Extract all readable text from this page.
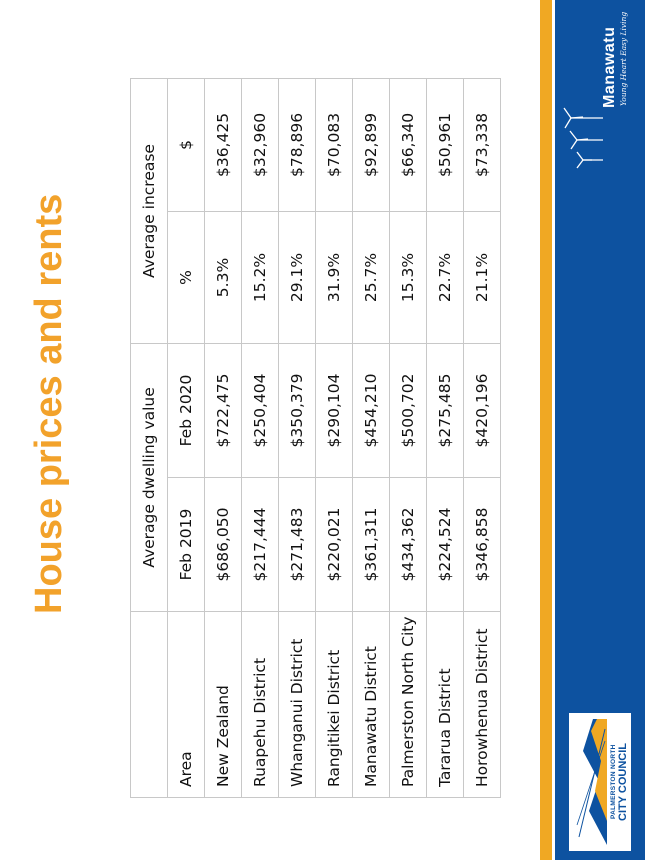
House prices and rents
		Average dwelling value		Average increase	
Area	Feb 2019	Feb 2020	%	$
New Zealand	$686,050	$722,475	5.3%	$36,425
Ruapehu District	$217,444	$250,404	15.2%	$32,960
Whanganui District	$271,483	$350,379	29.1%	$78,896
Rangitikei District	$220,021	$290,104	31.9%	$70,083
Manawatu District	$361,311	$454,210	25.7%	$92,899
Palmerston North City	$434,362	$500,702	15.3%	$66,340
Tararua District	$224,524	$275,485	22.7%	$50,961
Horowhenua District	$346,858	$420,196	21.1%	$73,338
PALMERSTON NORTH CITY COUNCIL
Manawatu Young Heart Easy Living
